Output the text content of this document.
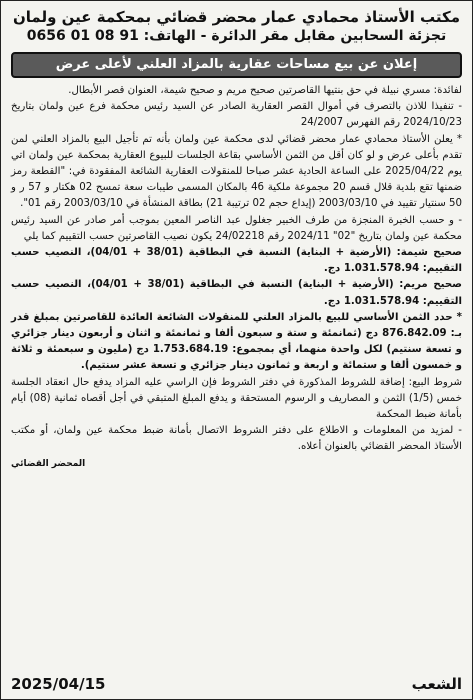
مكتب الأستاذ محمادي عمار محضر قضائي بمحكمة عين ولمان
تجزئة السحابين مقابل مقر الدائرة - الهاتف: 91 08 01 0656
إعلان عن بيع مساحات عقارية بالمزاد العلني لأعلى عرض

لفائدة: مسري نبيلة في حق بنتيها القاصرتين صحيح مريم و صحيح شيمة، العنوان قصر الأبطال.

- تنفيذا للاذن بالتصرف في أموال القصر العقارية الصادر عن السيد رئيس محكمة فرع عين ولمان بتاريخ 2024/10/23 رقم الفهرس 24/2007

* يعلن الأستاذ محمادي عمار محضر قضائي لدى محكمة عين ولمان بأنه تم تأجيل البيع بالمزاد العلني لمن تقدم بأعلى عرض و لو كان أقل من الثمن الأساسي بقاعة الجلسات للبيوع العقارية بمحكمة عين ولمان اتي يوم 2025/04/22 على الساعة الحادية عشر صباحا للمنقولات العقارية الشائعة المفقودة في: "القطعة رمز ضمنها تقع بلدية قلال قسم 20 مجموعة ملكية 46 بالمكان المسمى طيبات سعة تمسح 02 هكتار و 57 ر و 50 سنتيار تقييد في 2003/03/10 (إيداع حجم 02 ترتيبة 21) بطاقة المنشأة في 2003/03/10 رقم 01".

- و حسب الخبرة المنجزة من طرف الخبير جغلول عبد الناصر المعين بموجب أمر صادر عن السيد رئيس محكمة عين ولمان بتاريخ "02" 2024/11 رقم 24/02218 يكون نصيب القاصرتين حسب التقييم كما يلي

صحيح شيمة: (الأرضية + البناية) النسبة في البطاقية (38/01 + 04/01)، النصيب حسب التقييم: 1.031.578.94 دج.

صحيح مريم: (الأرضية + البناية) النسبة في البطاقية (38/01 + 04/01)، النصيب حسب التقييم: 1.031.578.94 دج.

* حدد الثمن الأساسي للبيع بالمزاد العلني للمنقولات الشائعة العائدة للقاصرتين بمبلغ قدر بـ: 876.842.09 دج (ثمانمئة و ستة و سبعون ألفا و ثمانمئة و اثنان و أربعون دينار جزائري و تسعة سنتيم) لكل واحدة منهما، أي بمجموع: 1.753.684.19 دج (مليون و سبعمئة و ثلاثة و خمسون ألفا و ستمائة و اربعة و ثمانون دينار جزائري و تسعة عشر سنتيم).

شروط البيع: إضافة للشروط المذكورة في دفتر الشروط فإن الراسي عليه المزاد يدفع حال انعقاد الجلسة خمس (1/5) الثمن و المصاريف و الرسوم المستحقة و يدفع المبلغ المتبقي في أجل أقصاه ثمانية (08) أيام بأمانة ضبط المحكمة

- لمزيد من المعلومات و الاطلاع على دفتر الشروط الاتصال بأمانة ضبط محكمة عين ولمان، أو مكتب الأستاذ المحضر القضائي بالعنوان أعلاه.

المحضر القضائي
الشعب
2025/04/15
